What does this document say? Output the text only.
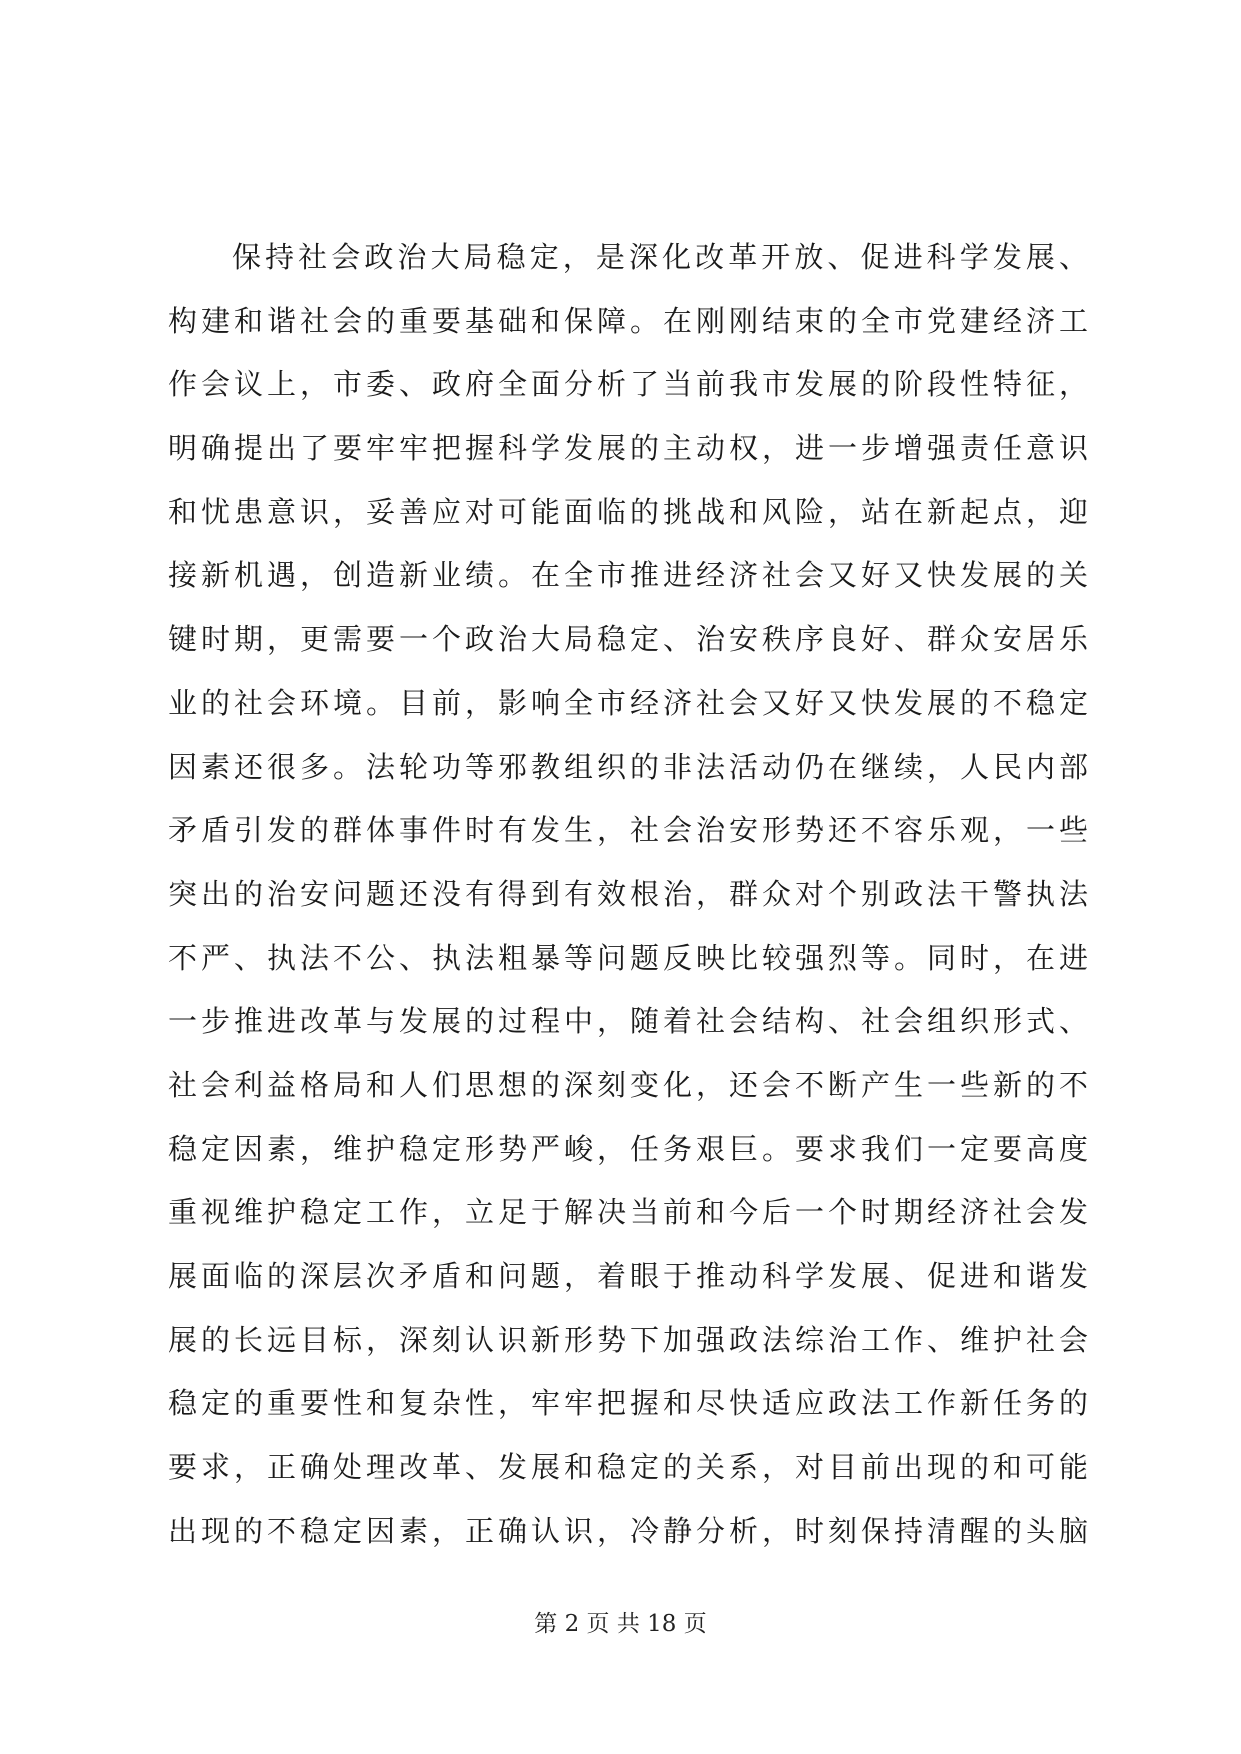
保持社会政治大局稳定，是深化改革开放、促进科学发展、
构建和谐社会的重要基础和保障。在刚刚结束的全市党建经济工
作会议上，市委、政府全面分析了当前我市发展的阶段性特征，
明确提出了要牢牢把握科学发展的主动权，进一步增强责任意识
和忧患意识，妥善应对可能面临的挑战和风险，站在新起点，迎
接新机遇，创造新业绩。在全市推进经济社会又好又快发展的关
键时期，更需要一个政治大局稳定、治安秩序良好、群众安居乐
业的社会环境。目前，影响全市经济社会又好又快发展的不稳定
因素还很多。法轮功等邪教组织的非法活动仍在继续，人民内部
矛盾引发的群体事件时有发生，社会治安形势还不容乐观，一些
突出的治安问题还没有得到有效根治，群众对个别政法干警执法
不严、执法不公、执法粗暴等问题反映比较强烈等。同时，在进
一步推进改革与发展的过程中，随着社会结构、社会组织形式、
社会利益格局和人们思想的深刻变化，还会不断产生一些新的不
稳定因素，维护稳定形势严峻，任务艰巨。要求我们一定要高度
重视维护稳定工作，立足于解决当前和今后一个时期经济社会发
展面临的深层次矛盾和问题，着眼于推动科学发展、促进和谐发
展的长远目标，深刻认识新形势下加强政法综治工作、维护社会
稳定的重要性和复杂性，牢牢把握和尽快适应政法工作新任务的
要求，正确处理改革、发展和稳定的关系，对目前出现的和可能
出现的不稳定因素，正确认识，冷静分析，时刻保持清醒的头脑
第 2 页 共 18 页
